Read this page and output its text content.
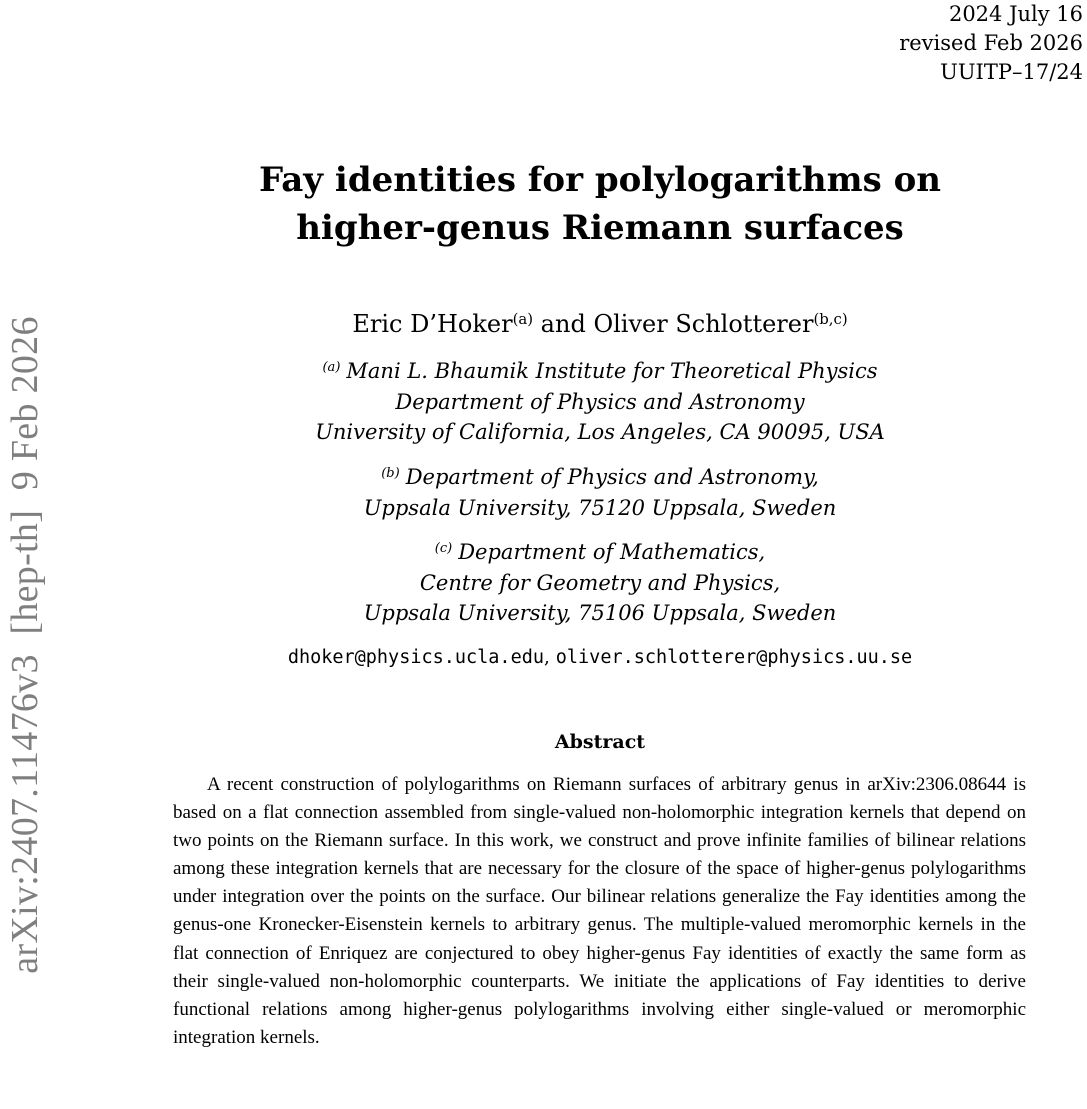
2024 July 16
revised Feb 2026
UUITP–17/24
arXiv:2407.11476v3  [hep-th]  9 Feb 2026
Fay identities for polylogarithms on
higher-genus Riemann surfaces
Eric D’Hoker$^{(a)}$ and Oliver Schlotterer$^{(b,c)}$
$^{(a)}$ Mani L. Bhaumik Institute for Theoretical Physics
Department of Physics and Astronomy
University of California, Los Angeles, CA 90095, USA
$^{(b)}$ Department of Physics and Astronomy,
Uppsala University, 75120 Uppsala, Sweden
$^{(c)}$ Department of Mathematics,
Centre for Geometry and Physics,
Uppsala University, 75106 Uppsala, Sweden
dhoker@physics.ucla.edu, oliver.schlotterer@physics.uu.se
Abstract
A recent construction of polylogarithms on Riemann surfaces of arbitrary genus in arXiv:2306.08644 is based on a flat connection assembled from single-valued non-holomorphic integration kernels that depend on two points on the Riemann surface. In this work, we construct and prove infinite families of bilinear relations among these integration kernels that are necessary for the closure of the space of higher-genus polylogarithms under integration over the points on the surface. Our bilinear relations generalize the Fay identities among the genus-one Kronecker-Eisenstein kernels to arbitrary genus. The multiple-valued meromorphic kernels in the flat connection of Enriquez are conjectured to obey higher-genus Fay identities of exactly the same form as their single-valued non-holomorphic counterparts. We initiate the applications of Fay identities to derive functional relations among higher-genus polylogarithms involving either single-valued or meromorphic integration kernels.
